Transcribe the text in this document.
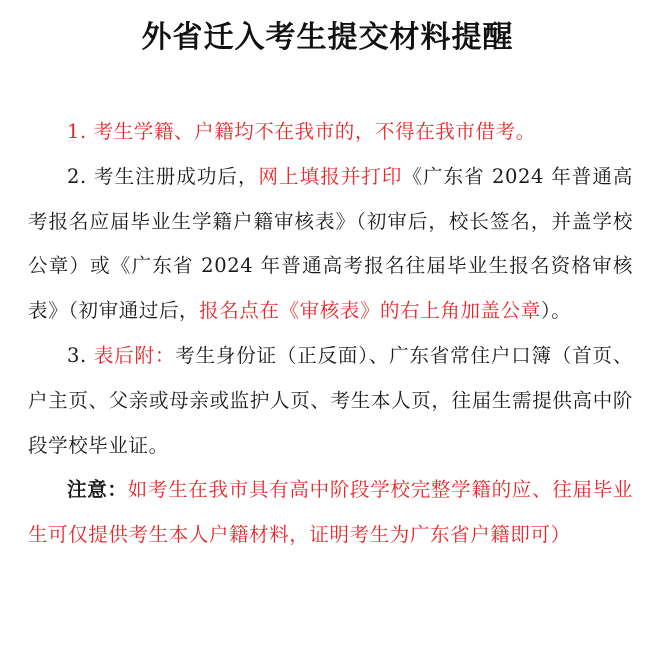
外省迁入考生提交材料提醒

1. 考生学籍、户籍均不在我市的，不得在我市借考。

2. 考生注册成功后，网上填报并打印《广东省 2024 年普通高考报名应届毕业生学籍户籍审核表》（初审后，校长签名，并盖学校公章）或《广东省 2024 年普通高考报名往届毕业生报名资格审核表》（初审通过后，报名点在《审核表》的右上角加盖公章）。

3. 表后附：考生身份证（正反面）、广东省常住户口簿（首页、户主页、父亲或母亲或监护人页、考生本人页，往届生需提供高中阶段学校毕业证。

注意：如考生在我市具有高中阶段学校完整学籍的应、往届毕业生可仅提供考生本人户籍材料，证明考生为广东省户籍即可）
